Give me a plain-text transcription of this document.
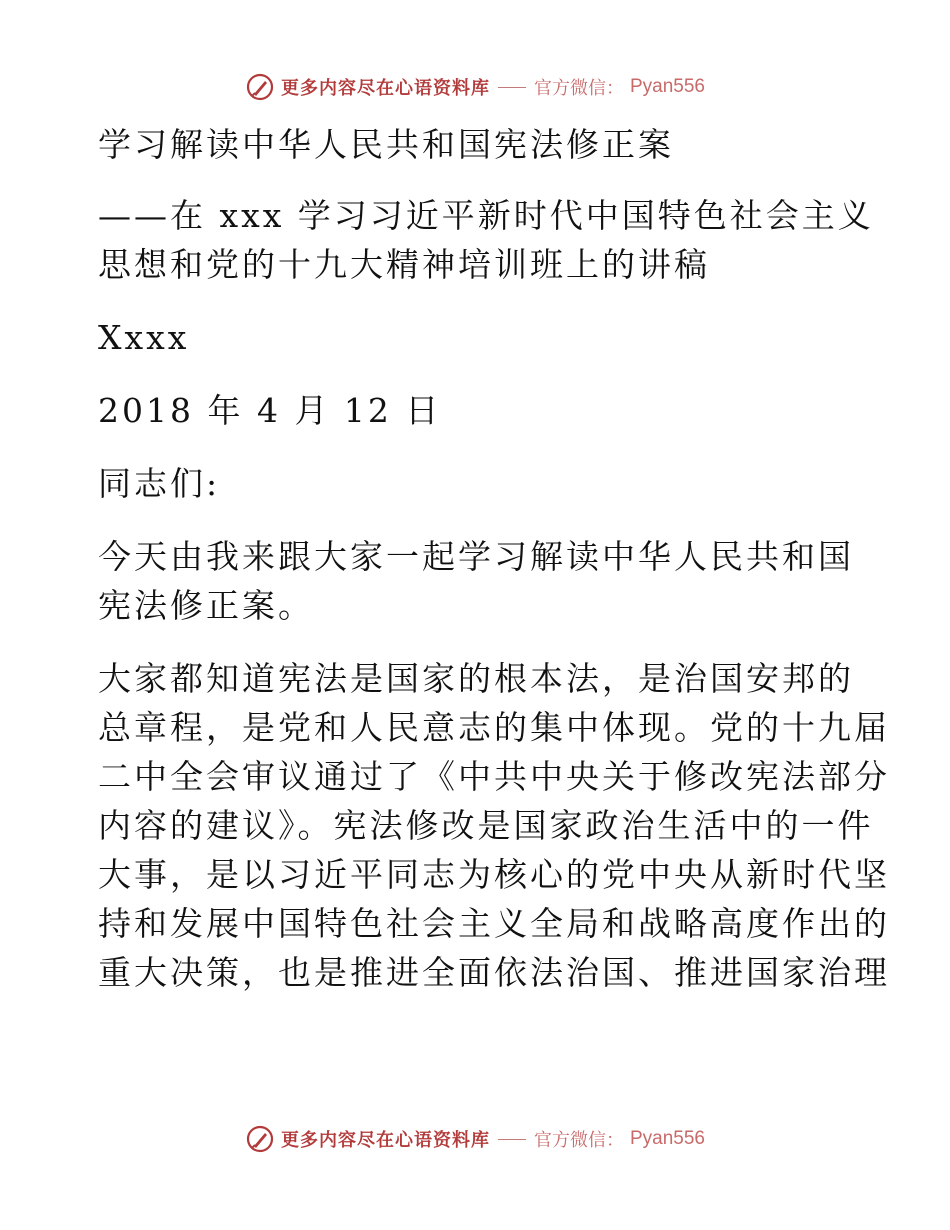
更多内容尽在心语资料库 官方微信： Pyan556

学习解读中华人民共和国宪法修正案

——在 xxx 学习习近平新时代中国特色社会主义

思想和党的十九大精神培训班上的讲稿

Xxxx

2018 年 4 月 12 日

同志们:

今天由我来跟大家一起学习解读中华人民共和国

宪法修正案。

大家都知道宪法是国家的根本法，是治国安邦的

总章程，是党和人民意志的集中体现。党的十九届

二中全会审议通过了《中共中央关于修改宪法部分

内容的建议》。宪法修改是国家政治生活中的一件

大事，是以习近平同志为核心的党中央从新时代坚

持和发展中国特色社会主义全局和战略高度作出的

重大决策，也是推进全面依法治国、推进国家治理

更多内容尽在心语资料库 官方微信： Pyan556
